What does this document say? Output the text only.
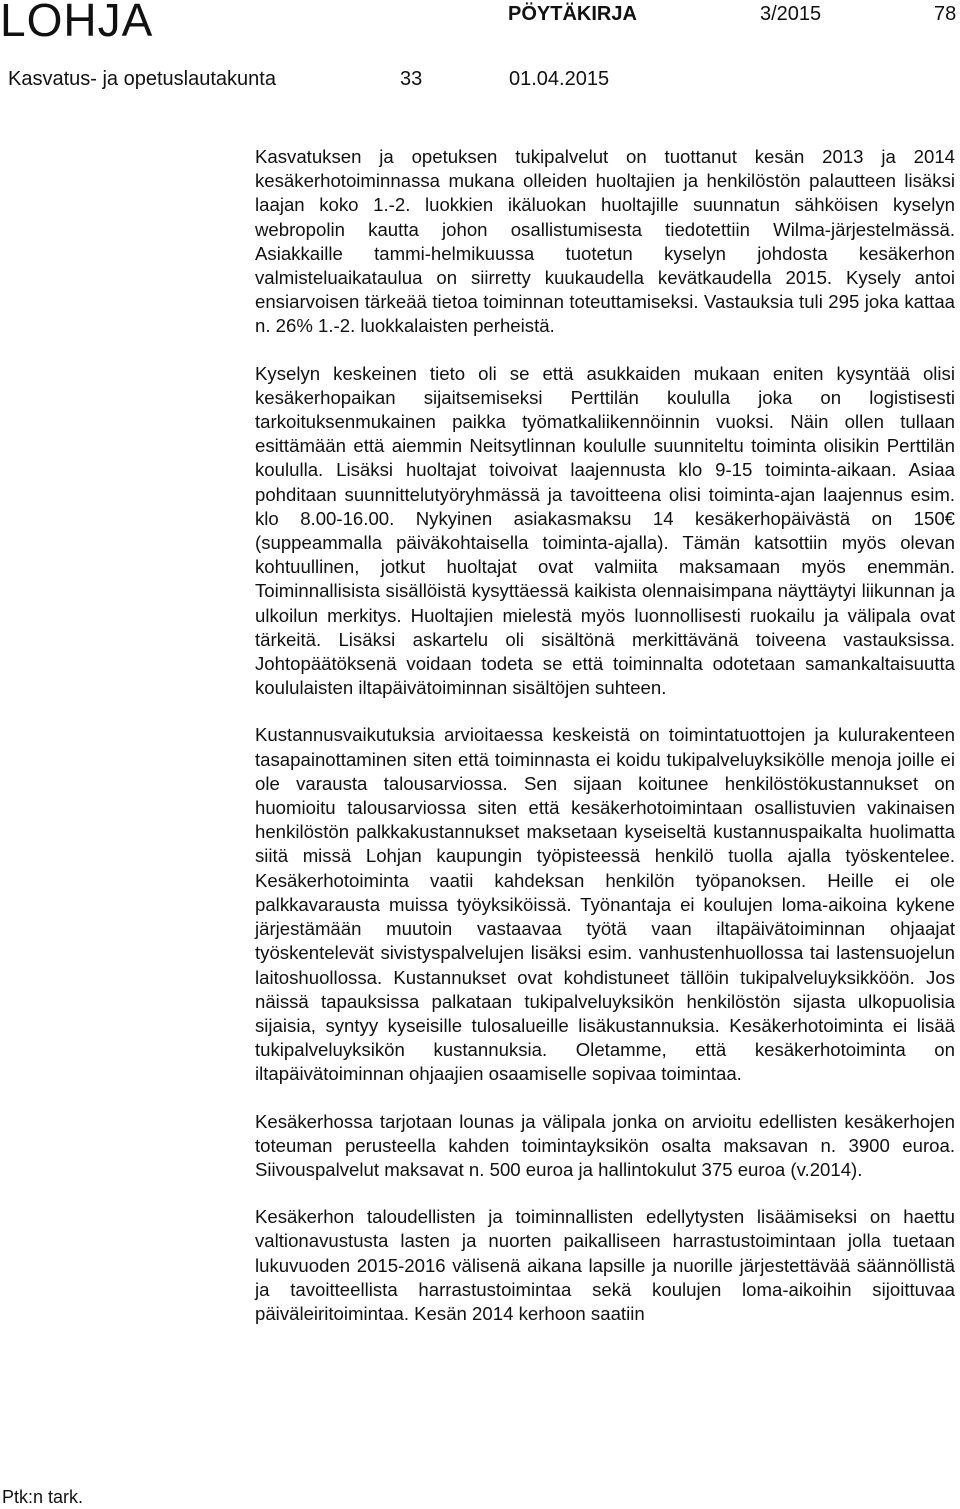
LOHJA	PÖYTÄKIRJA	3/2015	78
Kasvatus- ja opetuslautakunta	33	01.04.2015

Kasvatuksen ja opetuksen tukipalvelut on tuottanut kesän 2013 ja 2014 kesäkerhotoiminnassa mukana olleiden huoltajien ja henkilöstön palautteen lisäksi laajan koko 1.-2. luokkien ikäluokan huoltajille suunnatun sähköisen kyselyn webropolin kautta johon osallistumisesta tiedotettiin Wilma-järjestelmässä. Asiakkaille tammi-helmikuussa tuotetun kyselyn johdosta kesäkerhon valmisteluaikataulua on siirretty kuukaudella kevätkaudella 2015. Kysely antoi ensiarvoisen tärkeää tietoa toiminnan toteuttamiseksi. Vastauksia tuli 295 joka kattaa n. 26% 1.-2. luokkalaisten perheistä.

Kyselyn keskeinen tieto oli se että asukkaiden mukaan eniten kysyntää olisi kesäkerhopaikan sijaitsemiseksi Perttilän koululla joka on logistisesti tarkoituksenmukainen paikka työmatkaliikennöinnin vuoksi. Näin ollen tullaan esittämään että aiemmin Neitsytlinnan koululle suunniteltu toiminta olisikin Perttilän koululla. Lisäksi huoltajat toivoivat laajennusta klo 9-15 toiminta-aikaan. Asiaa pohditaan suunnittelutyöryhmässä ja tavoitteena olisi toiminta-ajan laajennus esim. klo 8.00-16.00. Nykyinen asiakasmaksu 14 kesäkerhopäivästä on 150€ (suppeammalla päiväkohtaisella toiminta-ajalla). Tämän katsottiin myös olevan kohtuullinen, jotkut huoltajat ovat valmiita maksamaan myös enemmän. Toiminnallisista sisällöistä kysyttäessä kaikista olennaisimpana näyttäytyi liikunnan ja ulkoilun merkitys. Huoltajien mielestä myös luonnollisesti ruokailu ja välipala ovat tärkeitä. Lisäksi askartelu oli sisältönä merkittävänä toiveena vastauksissa. Johtopäätöksenä voidaan todeta se että toiminnalta odotetaan samankaltaisuutta koululaisten iltapäivätoiminnan sisältöjen suhteen.

Kustannusvaikutuksia arvioitaessa keskeistä on toimintatuottojen ja kulurakenteen tasapainottaminen siten että toiminnasta ei koidu tukipalveluyksikölle menoja joille ei ole varausta talousarviossa. Sen sijaan koitunee henkilöstökustannukset on huomioitu talousarviossa siten että kesäkerhotoimintaan osallistuvien vakinaisen henkilöstön palkkakustannukset maksetaan kyseiseltä kustannuspaikalta huolimatta siitä missä Lohjan kaupungin työpisteessä henkilö tuolla ajalla työskentelee. Kesäkerhotoiminta vaatii kahdeksan henkilön työpanoksen. Heille ei ole palkkavarausta muissa työyksiköissä. Työnantaja ei koulujen loma-aikoina kykene järjestämään muutoin vastaavaa työtä vaan iltapäivätoiminnan ohjaajat työskentelevät sivistyspalvelujen lisäksi esim. vanhustenhuollossa tai lastensuojelun laitoshuollossa. Kustannukset ovat kohdistuneet tällöin tukipalveluyksikköön. Jos näissä tapauksissa palkataan tukipalveluyksikön henkilöstön sijasta ulkopuolisia sijaisia, syntyy kyseisille tulosalueille lisäkustannuksia. Kesäkerhotoiminta ei lisää tukipalveluyksikön kustannuksia. Oletamme, että kesäkerhotoiminta on iltapäivätoiminnan ohjaajien osaamiselle sopivaa toimintaa.

Kesäkerhossa tarjotaan lounas ja välipala jonka on arvioitu edellisten kesäkerhojen toteuman perusteella kahden toimintayksikön osalta maksavan n. 3900 euroa. Siivouspalvelut maksavat n. 500 euroa ja hallintokulut 375 euroa (v.2014).

Kesäkerhon taloudellisten ja toiminnallisten edellytysten lisäämiseksi on haettu valtionavustusta lasten ja nuorten paikalliseen harrastustoimintaan jolla tuetaan lukuvuoden 2015-2016 välisenä aikana lapsille ja nuorille järjestettävää säännöllistä ja tavoitteellista harrastustoimintaa sekä koulujen loma-aikoihin sijoittuvaa päiväleiritoimintaa. Kesän 2014 kerhoon saatiin

Ptk:n tark.
